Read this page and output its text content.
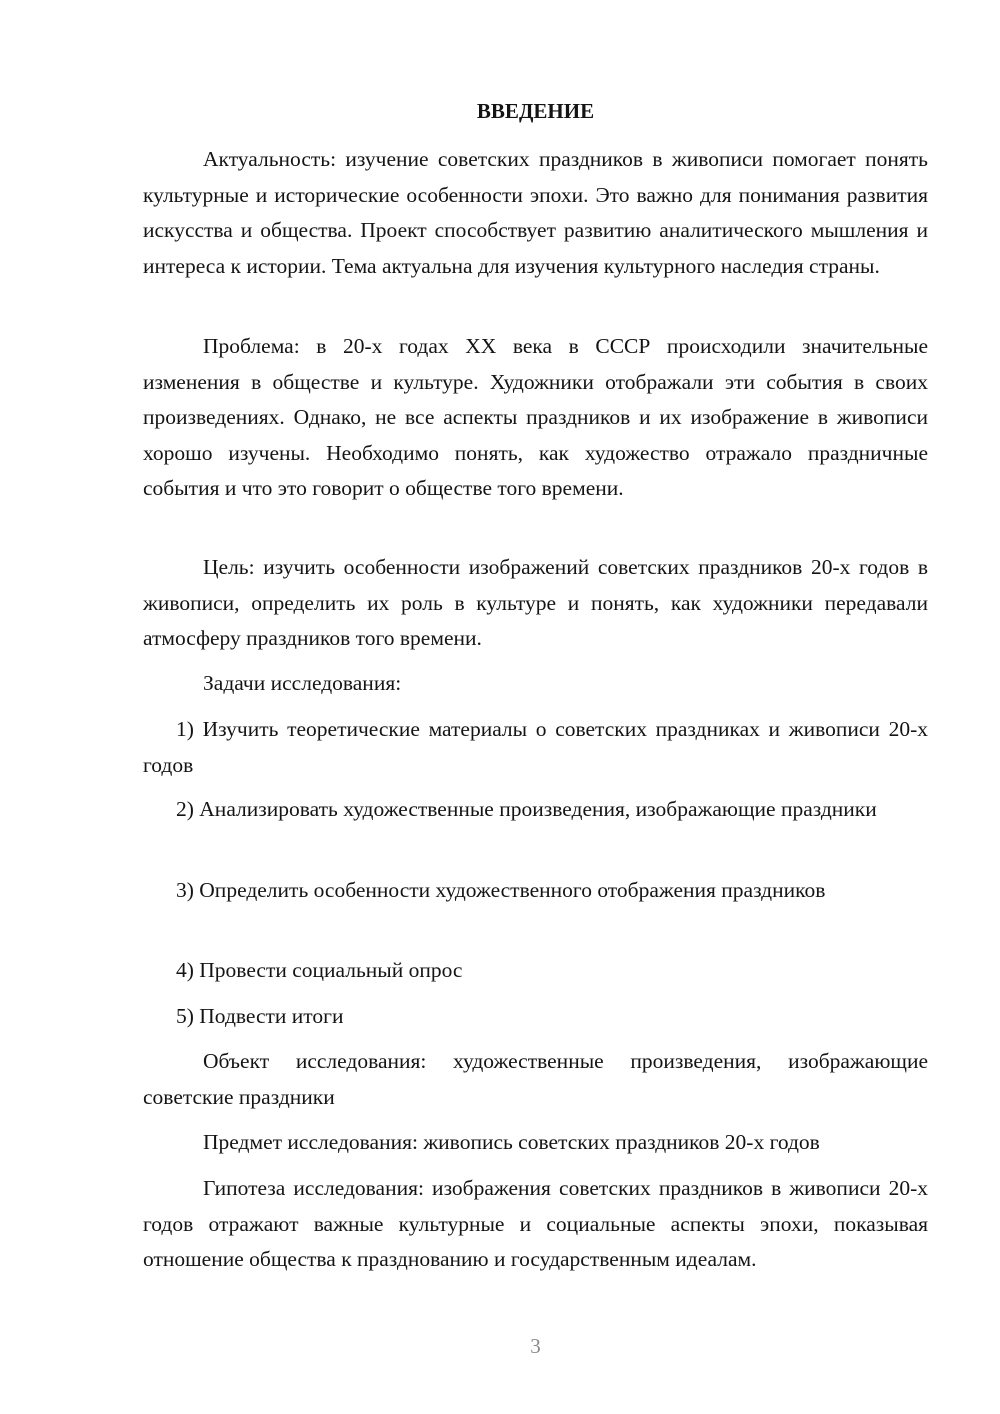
ВВЕДЕНИЕ

Актуальность: изучение советских праздников в живописи помогает понять культурные и исторические особенности эпохи. Это важно для понимания развития искусства и общества. Проект способствует развитию аналитического мышления и интереса к истории. Тема актуальна для изучения культурного наследия страны.

Проблема: в 20-х годах XX века в СССР происходили значительные изменения в обществе и культуре. Художники отображали эти события в своих произведениях. Однако, не все аспекты праздников и их изображение в живописи хорошо изучены. Необходимо понять, как художество отражало праздничные события и что это говорит о обществе того времени.

Цель: изучить особенности изображений советских праздников 20-х годов в живописи, определить их роль в культуре и понять, как художники передавали атмосферу праздников того времени.

Задачи исследования:

1) Изучить теоретические материалы о советских праздниках и живописи 20-х годов

2) Анализировать художественные произведения, изображающие праздники

3) Определить особенности художественного отображения праздников

4) Провести социальный опрос

5) Подвести итоги

Объект исследования: художественные произведения, изображающие советские праздники

Предмет исследования: живопись советских праздников 20-х годов

Гипотеза исследования: изображения советских праздников в живописи 20-х годов отражают важные культурные и социальные аспекты эпохи, показывая отношение общества к празднованию и государственным идеалам.

3
